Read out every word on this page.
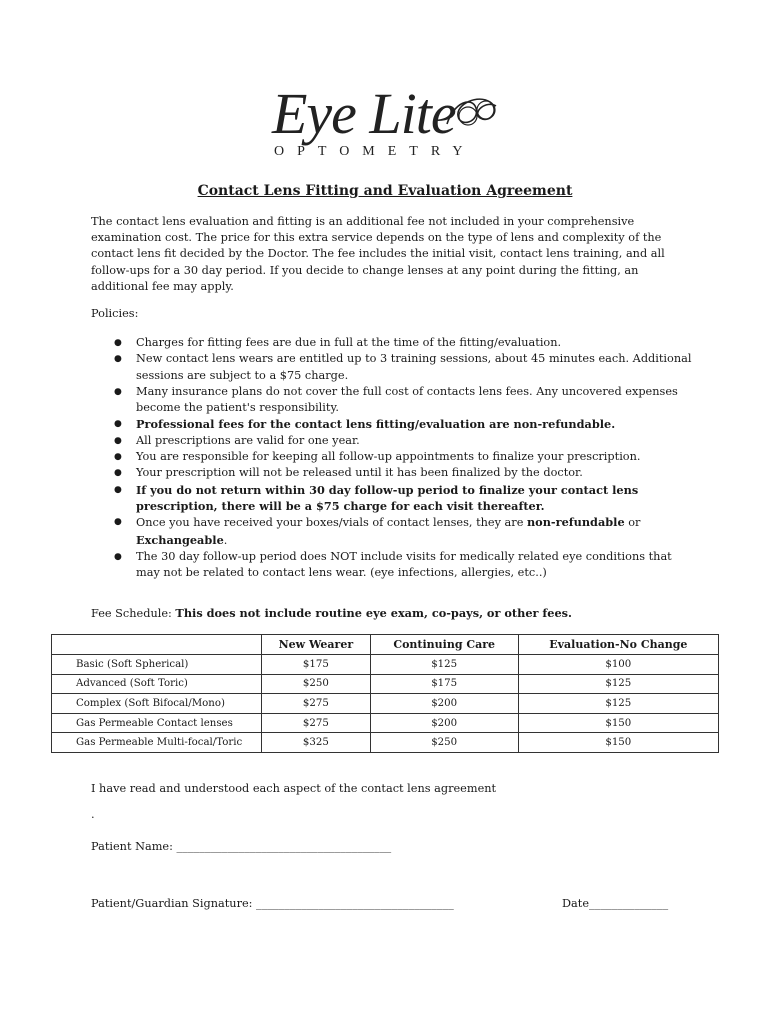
Eye Lite
OPTOMETRY
Contact Lens Fitting and Evaluation Agreement
The contact lens evaluation and fitting is an additional fee not included in your comprehensive examination cost. The price for this extra service depends on the type of lens and complexity of the contact lens fit decided by the Doctor. The fee includes the initial visit, contact lens training, and all follow-ups for a 30 day period. If you decide to change lenses at any point during the fitting, an additional fee may apply.
Policies:
● Charges for fitting fees are due in full at the time of the fitting/evaluation.
● New contact lens wears are entitled up to 3 training sessions, about 45 minutes each. Additional sessions are subject to a $75 charge.
● Many insurance plans do not cover the full cost of contacts lens fees. Any uncovered expenses become the patient's responsibility.
● Professional fees for the contact lens fitting/evaluation are non-refundable.
● All prescriptions are valid for one year.
● You are responsible for keeping all follow-up appointments to finalize your prescription.
● Your prescription will not be released until it has been finalized by the doctor.
● If you do not return within 30 day follow-up period to finalize your contact lens prescription, there will be a $75 charge for each visit thereafter.
● Once you have received your boxes/vials of contact lenses, they are non-refundable or Exchangeable.
● The 30 day follow-up period does NOT include visits for medically related eye conditions that may not be related to contact lens wear. (eye infections, allergies, etc..)
Fee Schedule: This does not include routine eye exam, co-pays, or other fees.
	New Wearer	Continuing Care	Evaluation-No Change
Basic (Soft Spherical)	$175	$125	$100
Advanced (Soft Toric)	$250	$175	$125
Complex (Soft Bifocal/Mono)	$275	$200	$125
Gas Permeable Contact lenses	$275	$200	$150
Gas Permeable Multi-focal/Toric	$325	$250	$150
I have read and understood each aspect of the contact lens agreement
.
Patient Name: ______________________________________
Patient/Guardian Signature: ___________________________________	Date______________
